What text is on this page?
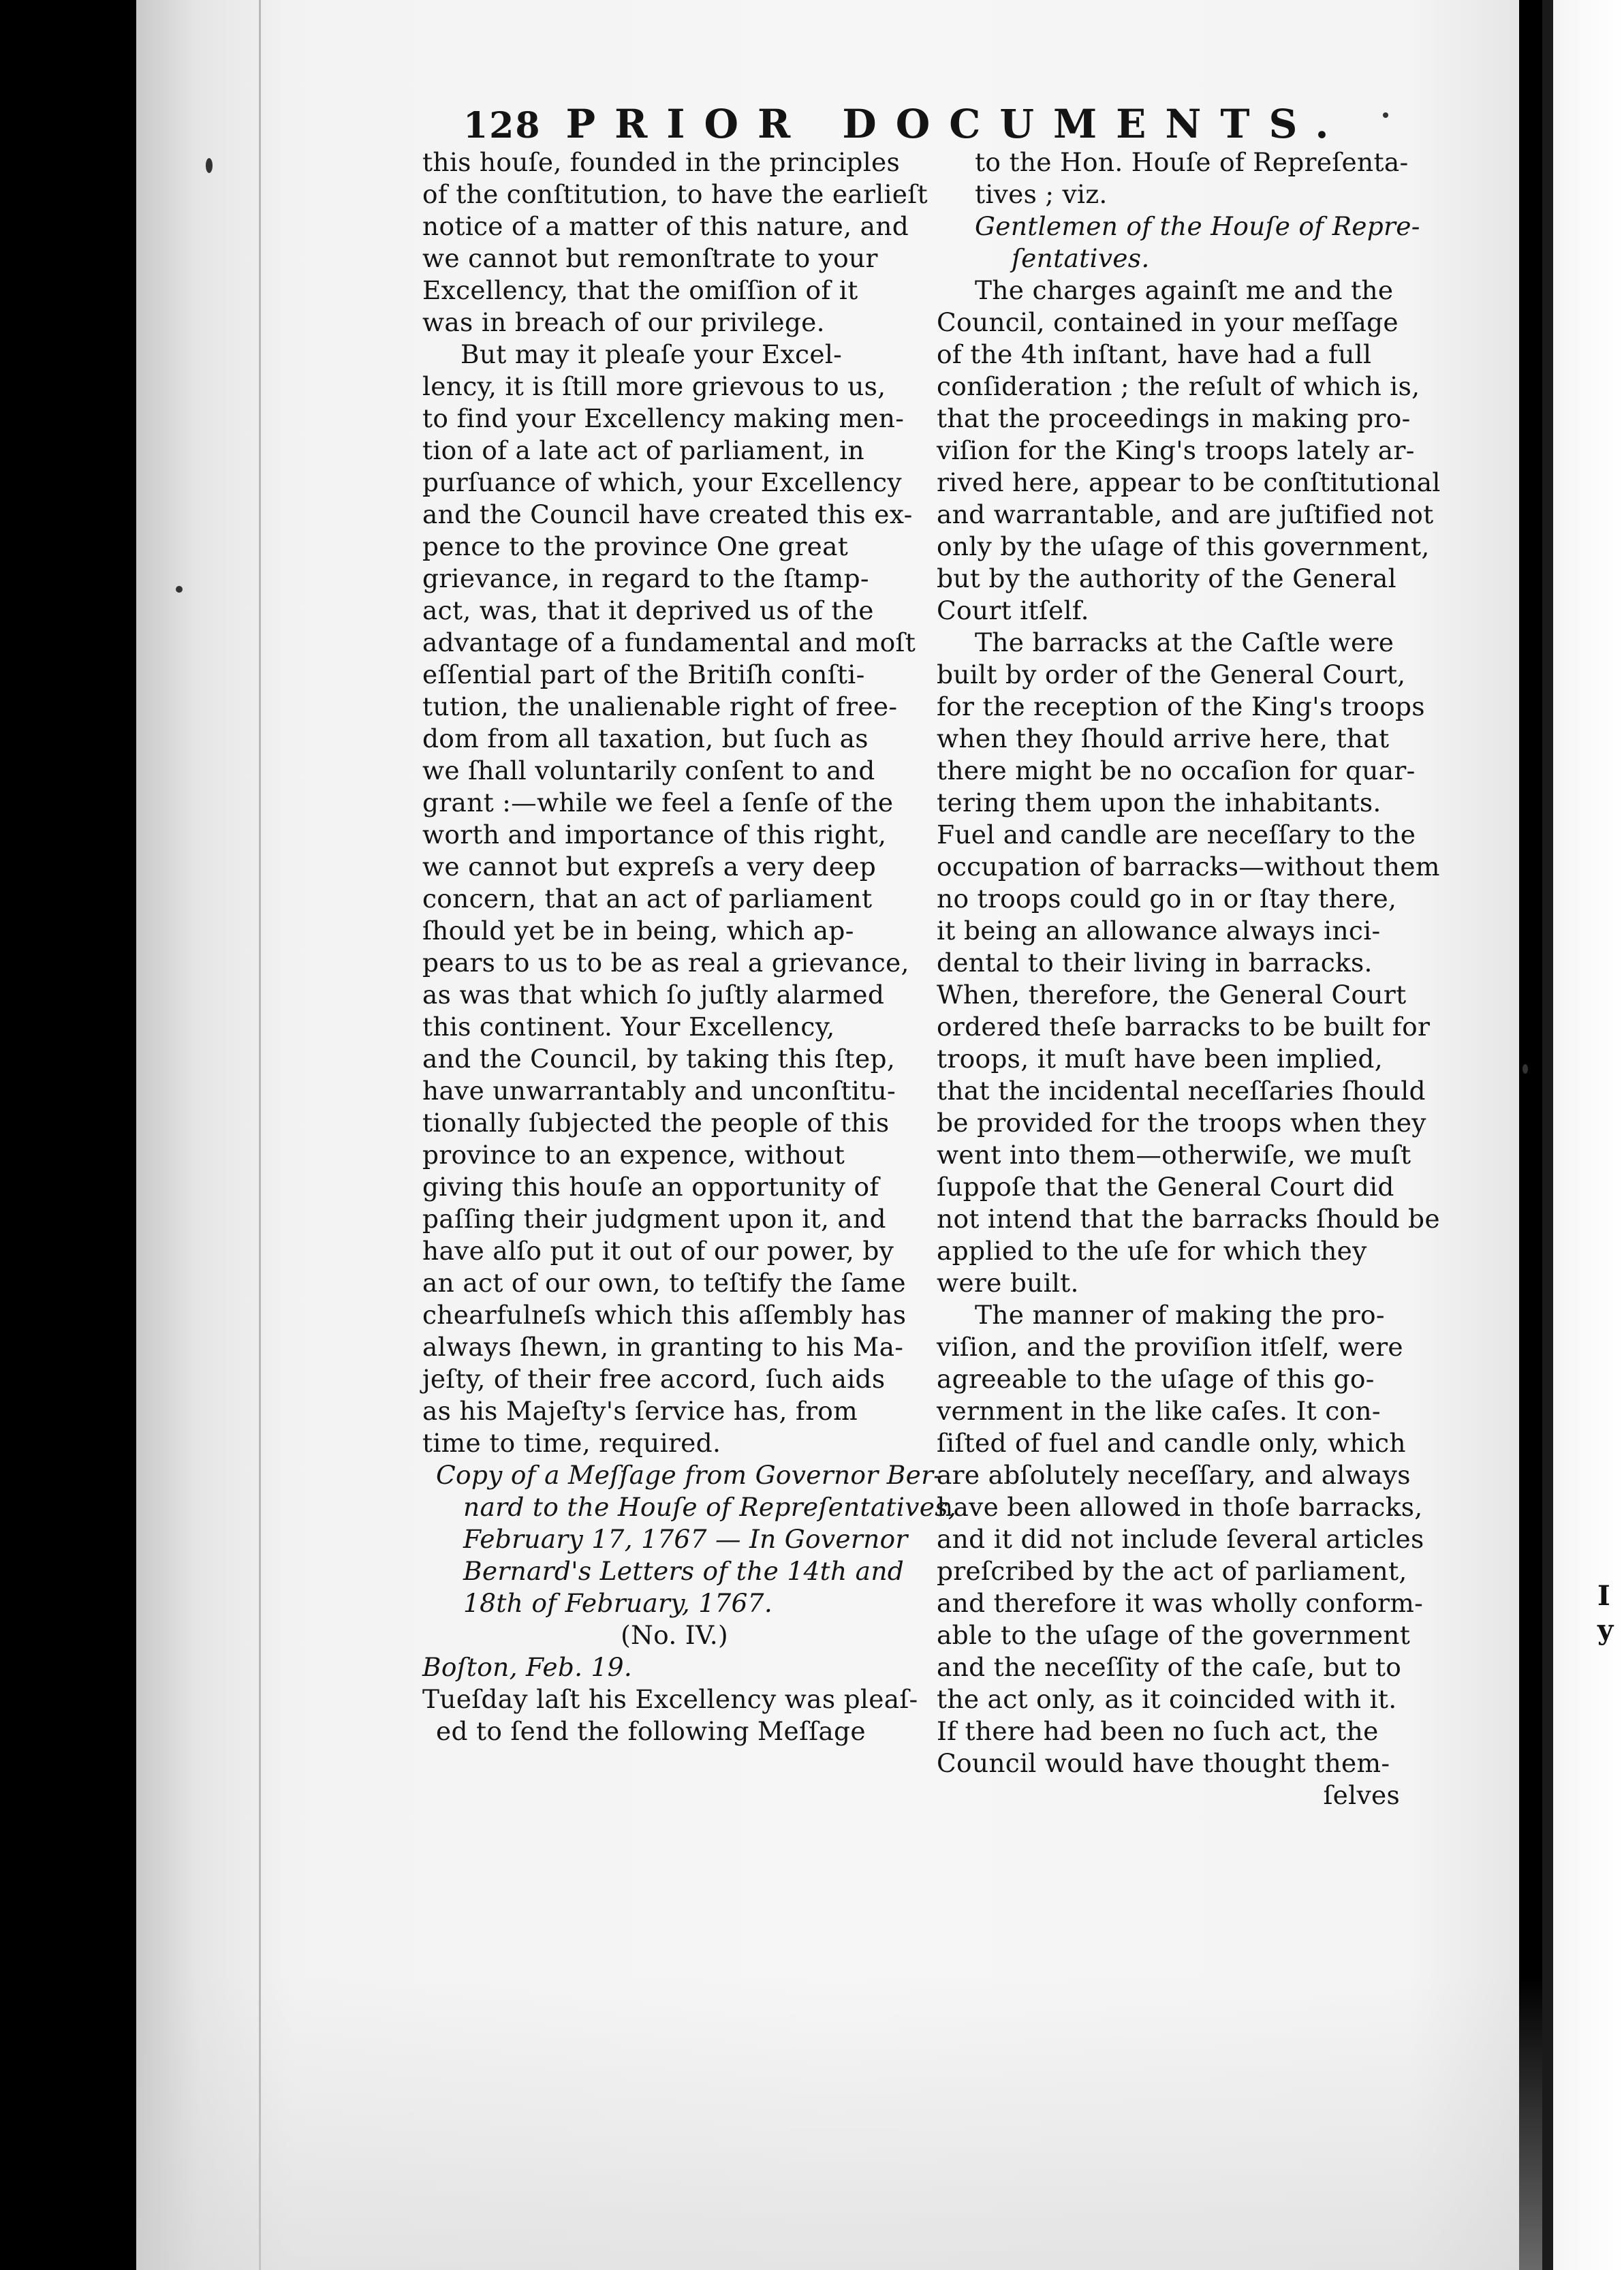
128 PRIOR DOCUMENTS.

this houſe, founded in the principles
of the conſtitution, to have the earlieſt
notice of a matter of this nature, and
we cannot but remonſtrate to your
Excellency, that the omiſſion of it
was in breach of our privilege.

But may it pleaſe your Excel-

lency, it is ſtill more grievous to us,
to find your Excellency making men-
tion of a late act of parliament, in
purſuance of which, your Excellency
and the Council have created this ex-
pence to the province One great
grievance, in regard to the ſtamp-
act, was, that it deprived us of the
advantage of a fundamental and moſt
eſſential part of the Britiſh conſti-
tution, the unalienable right of free-
dom from all taxation, but ſuch as
we ſhall voluntarily conſent to and
grant :—while we feel a ſenſe of the
worth and importance of this right,
we cannot but expreſs a very deep
concern, that an act of parliament
ſhould yet be in being, which ap-
pears to us to be as real a grievance,
as was that which ſo juſtly alarmed
this continent. Your Excellency,
and the Council, by taking this ſtep,
have unwarrantably and unconſtitu-
tionally ſubjected the people of this
province to an expence, without
giving this houſe an opportunity of
paſſing their judgment upon it, and
have alſo put it out of our power, by
an act of our own, to teſtify the ſame
chearfulneſs which this aſſembly has
always ſhewn, in granting to his Ma-
jeſty, of their free accord, ſuch aids
as his Majeſty's ſervice has, from
time to time, required.

Copy of a Meſſage from Governor Ber-
nard to the Houſe of Repreſentatives,
February 17, 1767 — In Governor
Bernard's Letters of the 14th and
18th of February, 1767.

(No. IV.)

Boſton, Feb. 19.

Tueſday laſt his Excellency was pleaſ-
ed to ſend the following Meſſage

to the Hon. Houſe of Repreſenta-
tives ; viz.

Gentlemen of the Houſe of Repre-
ſentatives.

The charges againſt me and the
Council, contained in your meſſage
of the 4th inſtant, have had a full
conſideration ; the reſult of which is,
that the proceedings in making pro-
viſion for the King's troops lately ar-
rived here, appear to be conſtitutional
and warrantable, and are juſtified not
only by the uſage of this government,
but by the authority of the General
Court itſelf.

The barracks at the Caſtle were
built by order of the General Court,
for the reception of the King's troops
when they ſhould arrive here, that
there might be no occaſion for quar-
tering them upon the inhabitants.
Fuel and candle are neceſſary to the
occupation of barracks—without them
no troops could go in or ſtay there,
it being an allowance always inci-
dental to their living in barracks.
When, therefore, the General Court
ordered theſe barracks to be built for
troops, it muſt have been implied,
that the incidental neceſſaries ſhould
be provided for the troops when they
went into them—otherwiſe, we muſt
ſuppoſe that the General Court did
not intend that the barracks ſhould be
applied to the uſe for which they
were built.

The manner of making the pro-
viſion, and the proviſion itſelf, were
agreeable to the uſage of this go-
vernment in the like caſes. It con-
ſiſted of fuel and candle only, which
are abſolutely neceſſary, and always
have been allowed in thoſe barracks,
and it did not include ſeveral articles
preſcribed by the act of parliament,
and therefore it was wholly conform-
able to the uſage of the government
and the neceſſity of the caſe, but to
the act only, as it coincided with it.
If there had been no ſuch act, the
Council would have thought them-

ſelves

I
y
